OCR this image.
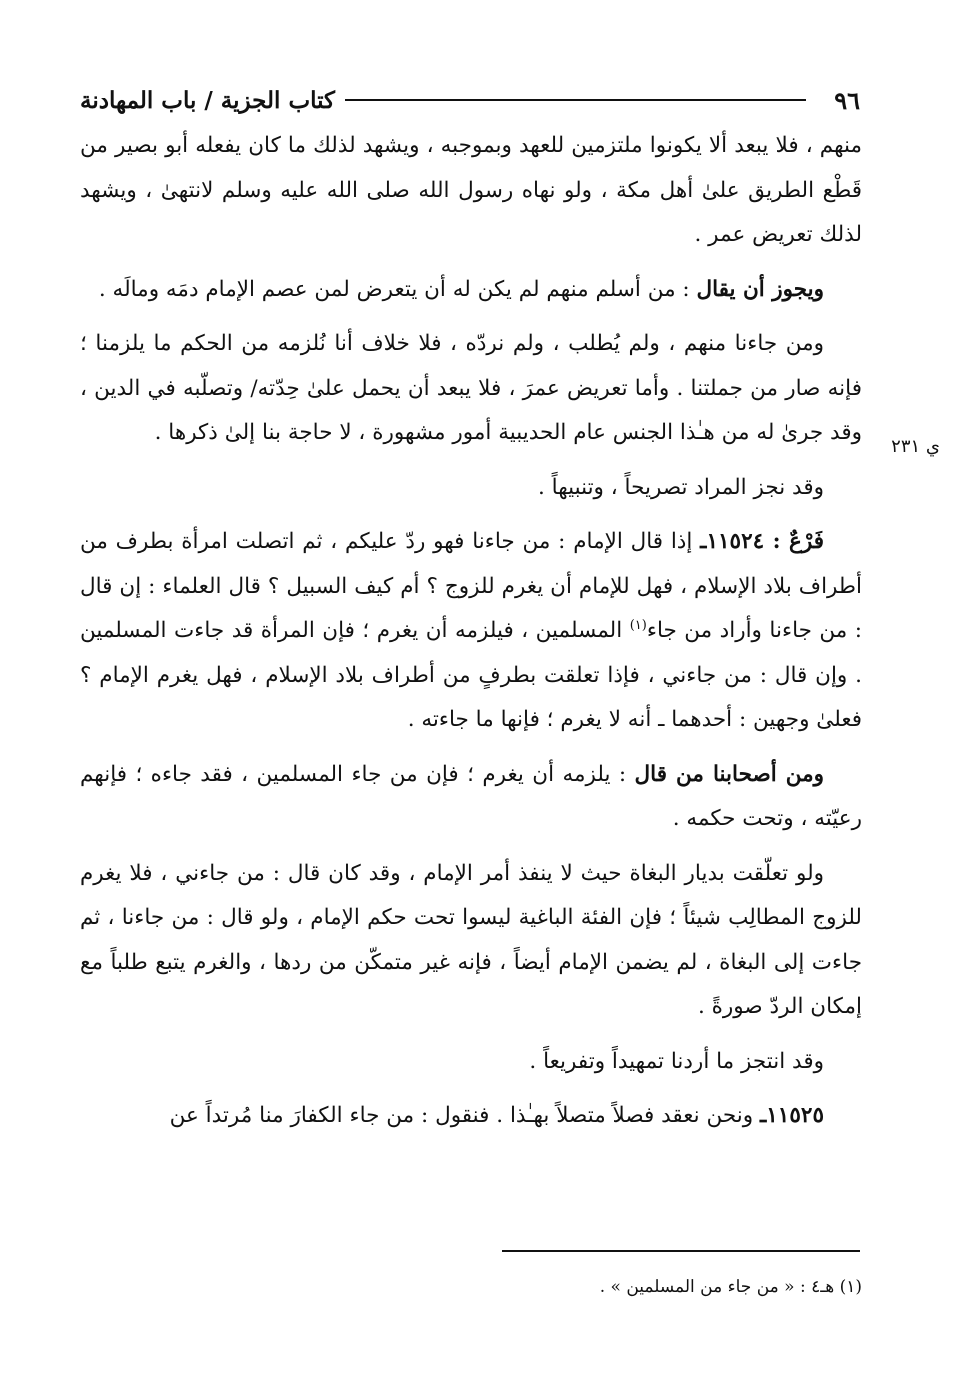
٩٦
كتاب الجزية / باب المهادنة
ي ٢٣١

منهم ، فلا يبعد ألا يكونوا ملتزمين للعهد وبموجبه ، ويشهد لذلك ما كان يفعله أبو بصير من قَطْع الطريق علىٰ أهل مكة ، ولو نهاه رسول الله صلى الله عليه وسلم لانتهىٰ ، ويشهد لذلك تعريض عمر .

ويجوز أن يقال : من أسلم منهم لم يكن له أن يتعرض لمن عصم الإمام دمَه ومالَه .

ومن جاءنا منهم ، ولم يُطلب ، ولم نردّه ، فلا خلاف أنا نُلزمه من الحكم ما يلزمنا ؛ فإنه صار من جملتنا . وأما تعريض عمرَ ، فلا يبعد أن يحمل علىٰ حِدّته/ وتصلّبه في الدين ، وقد جرىٰ له من هـٰذا الجنس عام الحديبية أمور مشهورة ، لا حاجة بنا إلىٰ ذكرها .

وقد نجز المراد تصريحاً ، وتنبيهاً .

فَرْعٌ : ١١٥٢٤ـ إذا قال الإمام : من جاءنا فهو ردّ عليكم ، ثم اتصلت امرأة بطرف من أطراف بلاد الإسلام ، فهل للإمام أن يغرم للزوج ؟ أم كيف السبيل ؟ قال العلماء : إن قال : من جاءنا وأراد من جاء$^{(١)}$ المسلمين ، فيلزمه أن يغرم ؛ فإن المرأة قد جاءت المسلمين . وإن قال : من جاءني ، فإذا تعلقت بطرفٍ من أطراف بلاد الإسلام ، فهل يغرم الإمام ؟ فعلىٰ وجهين : أحدهما ـ أنه لا يغرم ؛ فإنها ما جاءته .

ومن أصحابنا من قال : يلزمه أن يغرم ؛ فإن من جاء المسلمين ، فقد جاءه ؛ فإنهم رعيّته ، وتحت حكمه .

ولو تعلّقت بديار البغاة حيث لا ينفذ أمر الإمام ، وقد كان قال : من جاءني ، فلا يغرم للزوج المطالِب شيئاً ؛ فإن الفئة الباغية ليسوا تحت حكم الإمام ، ولو قال : من جاءنا ، ثم جاءت إلى البغاة ، لم يضمن الإمام أيضاً ، فإنه غير متمكّن من ردها ، والغرم يتبع طلباً مع إمكان الردّ صورةً .

وقد انتجز ما أردنا تمهيداً وتفريعاً .

١١٥٢٥ـ ونحن نعقد فصلاً متصلاً بهـٰذا . فنقول : من جاء الكفارَ منا مُرتداً عن

(١) هـ٤ : « من جاء من المسلمين » .
